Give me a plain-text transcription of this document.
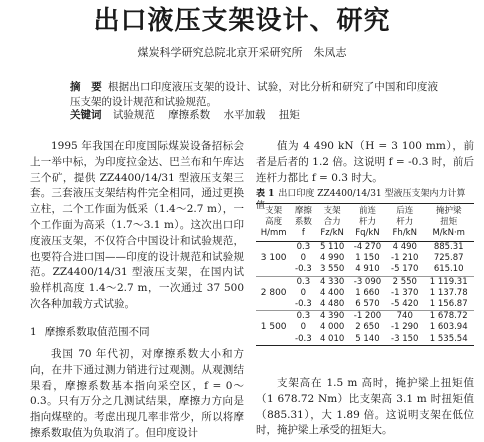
出口液压支架设计、研究
煤炭科学研究总院北京开采研究所　朱凤志
摘　要 根据出口印度液压支架的设计、试验，对比分析和研究了中国和印度液压支架的设计规范和试验规范。
关键词 试验规范 摩擦系数 水平加载 扭矩

1995 年我国在印度国际煤炭设备招标会上一举中标，为印度拉金达、巴兰布和午库达三个矿，提供 ZZ4400/14/31 型液压支架三套。三套液压支架结构件完全相同，通过更换立柱，二个工作面为低采（1.4～2.7 m），一个工作面为高采（1.7～3.1 m）。这次出口印度液压支架，不仅符合中国设计和试验规范，也要符合进口国——印度的设计规范和试验规范。ZZ4400/14/31 型液压支架，在国内试验样机高度 1.4～2.7 m，一次通过 37 500 次各种加载方式试验。

1 摩擦系数取值范围不同

我国 70 年代初，对摩擦系数大小和方向，在井下通过测力销进行过观测。从观测结果看，摩擦系数基本指向采空区，f = 0～0.3。只有万分之几测试结果，摩擦力方向是指向煤壁的。考虑出现几率非常少，所以将摩擦系数取值为负取消了。但印度设计

值为 4 490 kN（H = 3 100 mm），前者是后者的 1.2 倍。这说明 f = -0.3 时，前后连杆力都比 f = 0.3 时大。

表 1 出口印度 ZZ4400/14/31 型液压支架内力计算值 支架
高度
H/mm	摩擦
系数
f	支架
合力
Fz/kN	前连
杆力
Fq/kN	后连
杆力
Fh/kN	掩护梁
扭矩
M/kN·m
3 100	0.3	5 110	-4 270	4 490	885.31
	0	4 990	1 150	-1 210	725.87
	-0.3	3 550	4 910	-5 170	615.10
2 800	0.3	4 330	-3 090	2 550	1 119.31
	0	4 400	1 660	-1 370	1 137.78
	-0.3	4 480	6 570	-5 420	1 156.87
1 500	0.3	4 390	-1 200	740	1 678.72
	0	4 000	2 650	-1 290	1 603.94
	-0.3	4 010	5 140	-3 150	1 535.54

支架高在 1.5 m 高时，掩护梁上扭矩值（1 678.72 Nm）比支架高 3.1 m 时扭矩值（885.31），大 1.89 倍。这说明支架在低位时，掩护梁上承受的扭矩大。
